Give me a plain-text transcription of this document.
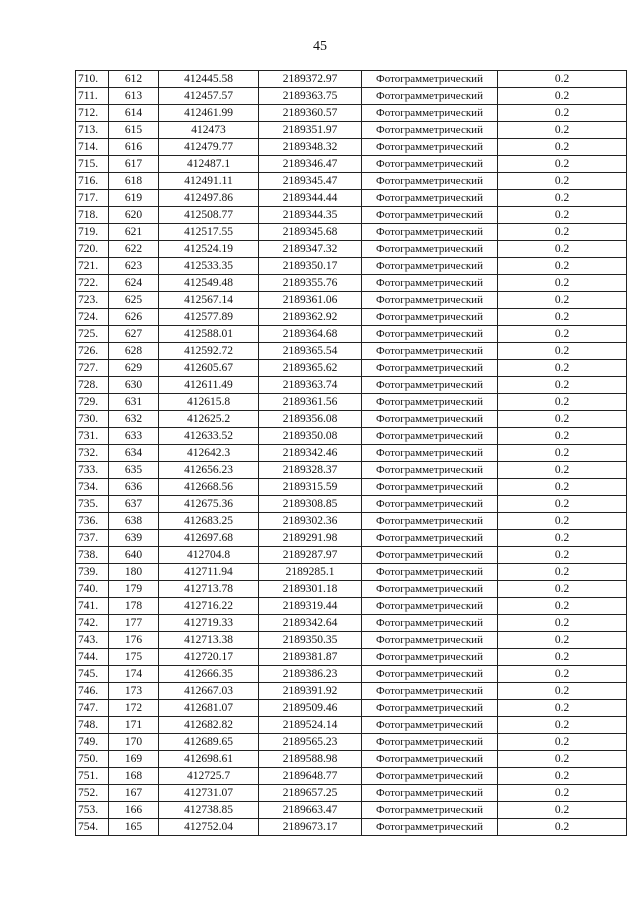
45
710.	612	412445.58	2189372.97	Фотограмметрический	0.2
711.	613	412457.57	2189363.75	Фотограмметрический	0.2
712.	614	412461.99	2189360.57	Фотограмметрический	0.2
713.	615	412473	2189351.97	Фотограмметрический	0.2
714.	616	412479.77	2189348.32	Фотограмметрический	0.2
715.	617	412487.1	2189346.47	Фотограмметрический	0.2
716.	618	412491.11	2189345.47	Фотограмметрический	0.2
717.	619	412497.86	2189344.44	Фотограмметрический	0.2
718.	620	412508.77	2189344.35	Фотограмметрический	0.2
719.	621	412517.55	2189345.68	Фотограмметрический	0.2
720.	622	412524.19	2189347.32	Фотограмметрический	0.2
721.	623	412533.35	2189350.17	Фотограмметрический	0.2
722.	624	412549.48	2189355.76	Фотограмметрический	0.2
723.	625	412567.14	2189361.06	Фотограмметрический	0.2
724.	626	412577.89	2189362.92	Фотограмметрический	0.2
725.	627	412588.01	2189364.68	Фотограмметрический	0.2
726.	628	412592.72	2189365.54	Фотограмметрический	0.2
727.	629	412605.67	2189365.62	Фотограмметрический	0.2
728.	630	412611.49	2189363.74	Фотограмметрический	0.2
729.	631	412615.8	2189361.56	Фотограмметрический	0.2
730.	632	412625.2	2189356.08	Фотограмметрический	0.2
731.	633	412633.52	2189350.08	Фотограмметрический	0.2
732.	634	412642.3	2189342.46	Фотограмметрический	0.2
733.	635	412656.23	2189328.37	Фотограмметрический	0.2
734.	636	412668.56	2189315.59	Фотограмметрический	0.2
735.	637	412675.36	2189308.85	Фотограмметрический	0.2
736.	638	412683.25	2189302.36	Фотограмметрический	0.2
737.	639	412697.68	2189291.98	Фотограмметрический	0.2
738.	640	412704.8	2189287.97	Фотограмметрический	0.2
739.	180	412711.94	2189285.1	Фотограмметрический	0.2
740.	179	412713.78	2189301.18	Фотограмметрический	0.2
741.	178	412716.22	2189319.44	Фотограмметрический	0.2
742.	177	412719.33	2189342.64	Фотограмметрический	0.2
743.	176	412713.38	2189350.35	Фотограмметрический	0.2
744.	175	412720.17	2189381.87	Фотограмметрический	0.2
745.	174	412666.35	2189386.23	Фотограмметрический	0.2
746.	173	412667.03	2189391.92	Фотограмметрический	0.2
747.	172	412681.07	2189509.46	Фотограмметрический	0.2
748.	171	412682.82	2189524.14	Фотограмметрический	0.2
749.	170	412689.65	2189565.23	Фотограмметрический	0.2
750.	169	412698.61	2189588.98	Фотограмметрический	0.2
751.	168	412725.7	2189648.77	Фотограмметрический	0.2
752.	167	412731.07	2189657.25	Фотограмметрический	0.2
753.	166	412738.85	2189663.47	Фотограмметрический	0.2
754.	165	412752.04	2189673.17	Фотограмметрический	0.2
